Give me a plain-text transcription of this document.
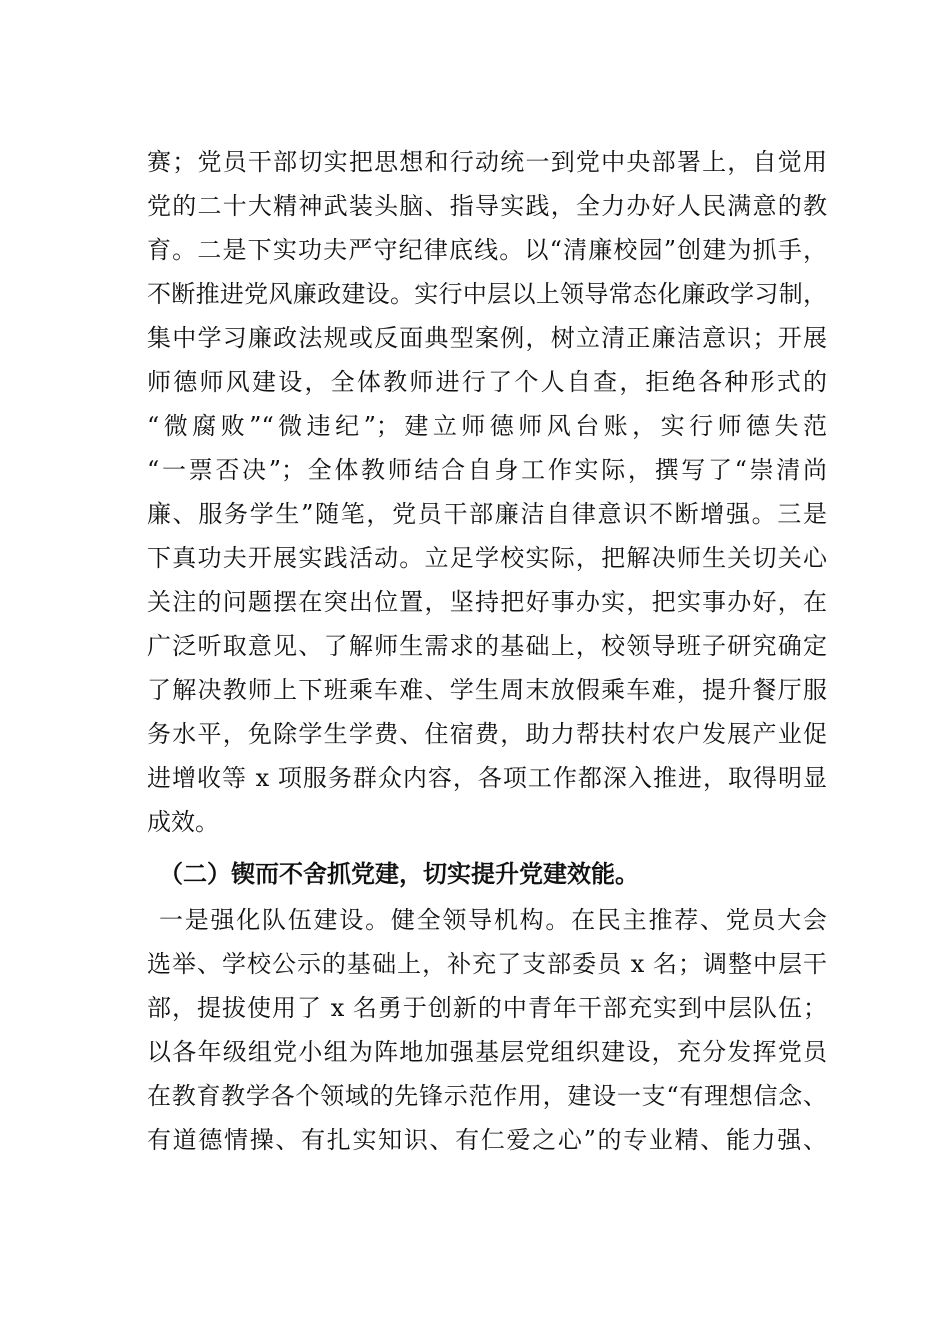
赛；党员干部切实把思想和行动统一到党中央部署上，自觉用

党的二十大精神武装头脑、指导实践，全力办好人民满意的教

育。二是下实功夫严守纪律底线。以“清廉校园”创建为抓手，

不断推进党风廉政建设。实行中层以上领导常态化廉政学习制，

集中学习廉政法规或反面典型案例，树立清正廉洁意识；开展

师德师风建设，全体教师进行了个人自查，拒绝各种形式的

“微腐败”“微违纪”；建立师德师风台账，实行师德失范

“一票否决”；全体教师结合自身工作实际，撰写了“崇清尚

廉、服务学生”随笔，党员干部廉洁自律意识不断增强。三是

下真功夫开展实践活动。立足学校实际，把解决师生关切关心

关注的问题摆在突出位置，坚持把好事办实，把实事办好，在

广泛听取意见、了解师生需求的基础上，校领导班子研究确定

了解决教师上下班乘车难、学生周末放假乘车难，提升餐厅服

务水平，免除学生学费、住宿费，助力帮扶村农户发展产业促

进增收等 x 项服务群众内容，各项工作都深入推进，取得明显

成效。

（二）锲而不舍抓党建，切实提升党建效能。

一是强化队伍建设。健全领导机构。在民主推荐、党员大会

选举、学校公示的基础上，补充了支部委员 x 名；调整中层干

部，提拔使用了 x 名勇于创新的中青年干部充实到中层队伍；

以各年级组党小组为阵地加强基层党组织建设，充分发挥党员

在教育教学各个领域的先锋示范作用，建设一支“有理想信念、

有道德情操、有扎实知识、有仁爱之心”的专业精、能力强、
